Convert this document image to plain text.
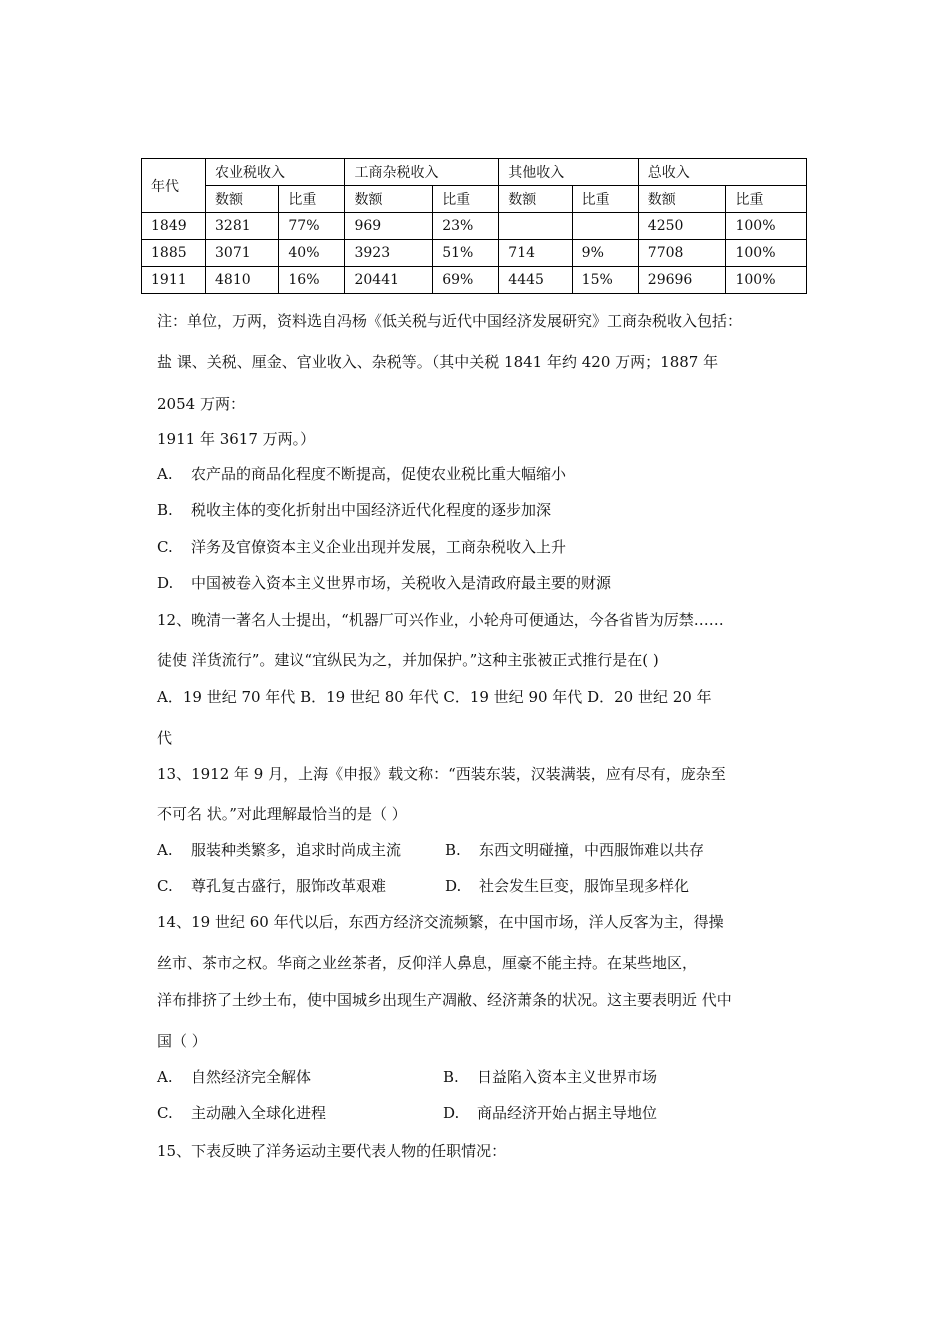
年代	农业税收入		工商杂税收入		其他收入		总收入	
	数额	比重	数额	比重	数额	比重	数额	比重
1849	3281	77%	969	23%			4250	100%
1885	3071	40%	3923	51%	714	9%	7708	100%
1911	4810	16%	20441	69%	4445	15%	29696	100%
注：单位，万两，资料选自冯杨《低关税与近代中国经济发展研究》工商杂税收入包括：
盐 课、关税、厘金、官业收入、杂税等。（其中关税 1841 年约 420 万两；1887 年
2054 万两：
1911 年 3617 万两。）
A. 农产品的商品化程度不断提高，促使农业税比重大幅缩小
B. 税收主体的变化折射出中国经济近代化程度的逐步加深
C. 洋务及官僚资本主义企业出现并发展，工商杂税收入上升
D. 中国被卷入资本主义世界市场，关税收入是清政府最主要的财源
12、晚清一著名人士提出，“机器厂可兴作业，小轮舟可便通达，今各省皆为厉禁……
徒使 洋货流行”。建议“宜纵民为之，并加保护。”这种主张被正式推行是在( )
A．19 世纪 70 年代 B．19 世纪 80 年代 C．19 世纪 90 年代 D．20 世纪 20 年
代
13、1912 年 9 月，上海《申报》载文称：“西装东装，汉装满装，应有尽有，庞杂至
不可名 状。”对此理解最恰当的是（ ）
A. 服装种类繁多，追求时尚成主流	B. 东西文明碰撞，中西服饰难以共存
C. 尊孔复古盛行，服饰改革艰难	D. 社会发生巨变，服饰呈现多样化
14、19 世纪 60 年代以后，东西方经济交流频繁，在中国市场，洋人反客为主，得操
丝市、茶市之权。华商之业丝茶者，反仰洋人鼻息，厘豪不能主持。在某些地区，
洋布排挤了土纱土布，使中国城乡出现生产凋敝、经济萧条的状况。这主要表明近 代中
国（ ）
A. 自然经济完全解体	B. 日益陷入资本主义世界市场
C. 主动融入全球化进程	D. 商品经济开始占据主导地位
15、下表反映了洋务运动主要代表人物的任职情况：
